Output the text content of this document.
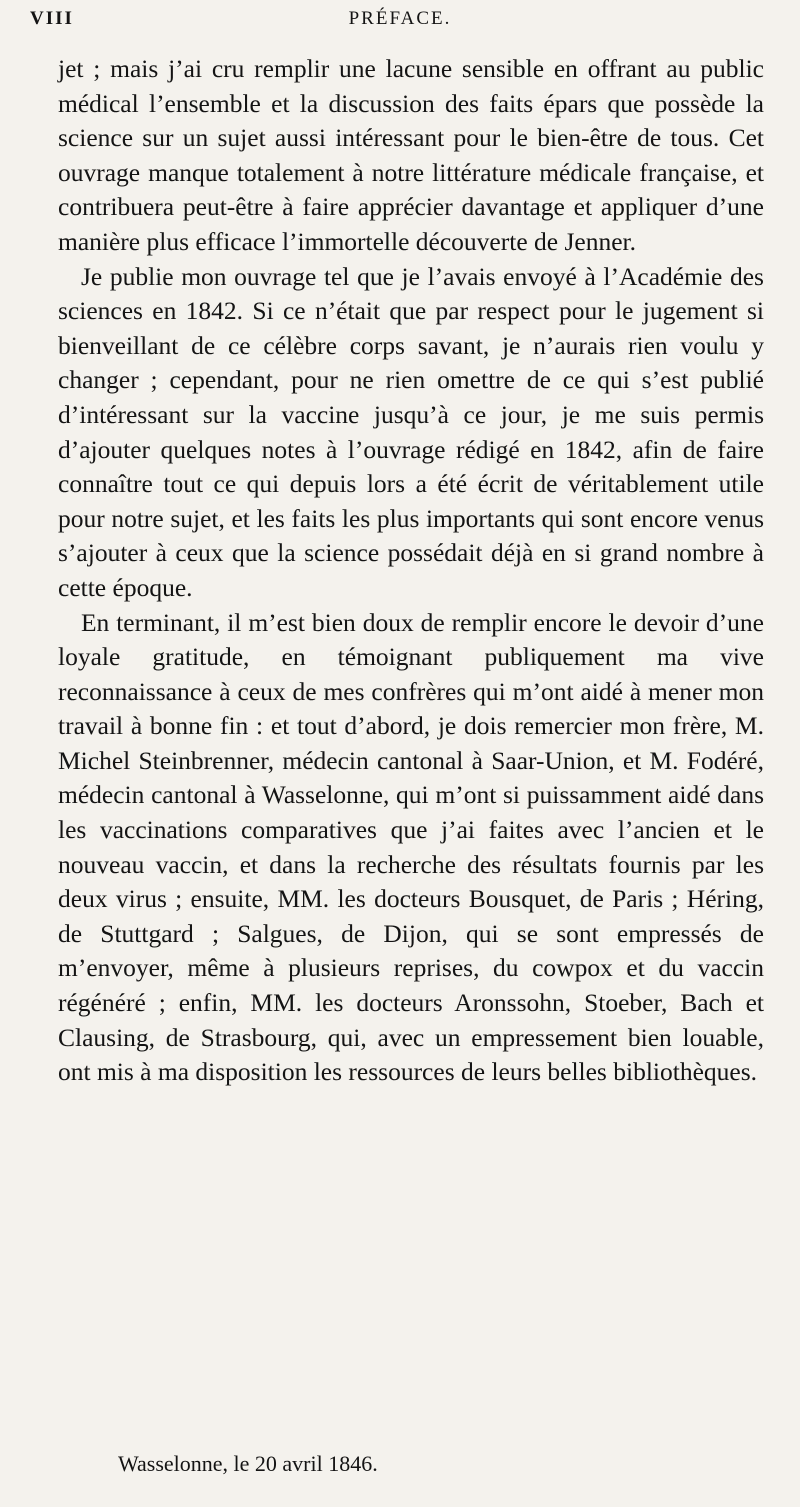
VIII	PRÉFACE.

jet ; mais j’ai cru remplir une lacune sensible en offrant au public médical l’ensemble et la discussion des faits épars que possède la science sur un sujet aussi intéressant pour le bien-être de tous. Cet ouvrage manque totalement à notre littérature médicale française, et contribuera peut-être à faire apprécier davantage et appliquer d’une manière plus efficace l’immortelle découverte de Jenner.

Je publie mon ouvrage tel que je l’avais envoyé à l’Académie des sciences en 1842. Si ce n’était que par respect pour le jugement si bienveillant de ce célèbre corps savant, je n’aurais rien voulu y changer ; cependant, pour ne rien omettre de ce qui s’est publié d’intéressant sur la vaccine jusqu’à ce jour, je me suis permis d’ajouter quelques notes à l’ouvrage rédigé en 1842, afin de faire connaître tout ce qui depuis lors a été écrit de véritablement utile pour notre sujet, et les faits les plus importants qui sont encore venus s’ajouter à ceux que la science possédait déjà en si grand nombre à cette époque.

En terminant, il m’est bien doux de remplir encore le devoir d’une loyale gratitude, en témoignant publiquement ma vive reconnaissance à ceux de mes confrères qui m’ont aidé à mener mon travail à bonne fin : et tout d’abord, je dois remercier mon frère, M. Michel Steinbrenner, médecin cantonal à Saar-Union, et M. Fodéré, médecin cantonal à Wasselonne, qui m’ont si puissamment aidé dans les vaccinations comparatives que j’ai faites avec l’ancien et le nouveau vaccin, et dans la recherche des résultats fournis par les deux virus ; ensuite, MM. les docteurs Bousquet, de Paris ; Héring, de Stuttgard ; Salgues, de Dijon, qui se sont empressés de m’envoyer, même à plusieurs reprises, du cowpox et du vaccin régénéré ; enfin, MM. les docteurs Aronssohn, Stoeber, Bach et Clausing, de Strasbourg, qui, avec un empressement bien louable, ont mis à ma disposition les ressources de leurs belles bibliothèques.

Wasselonne, le 20 avril 1846.
